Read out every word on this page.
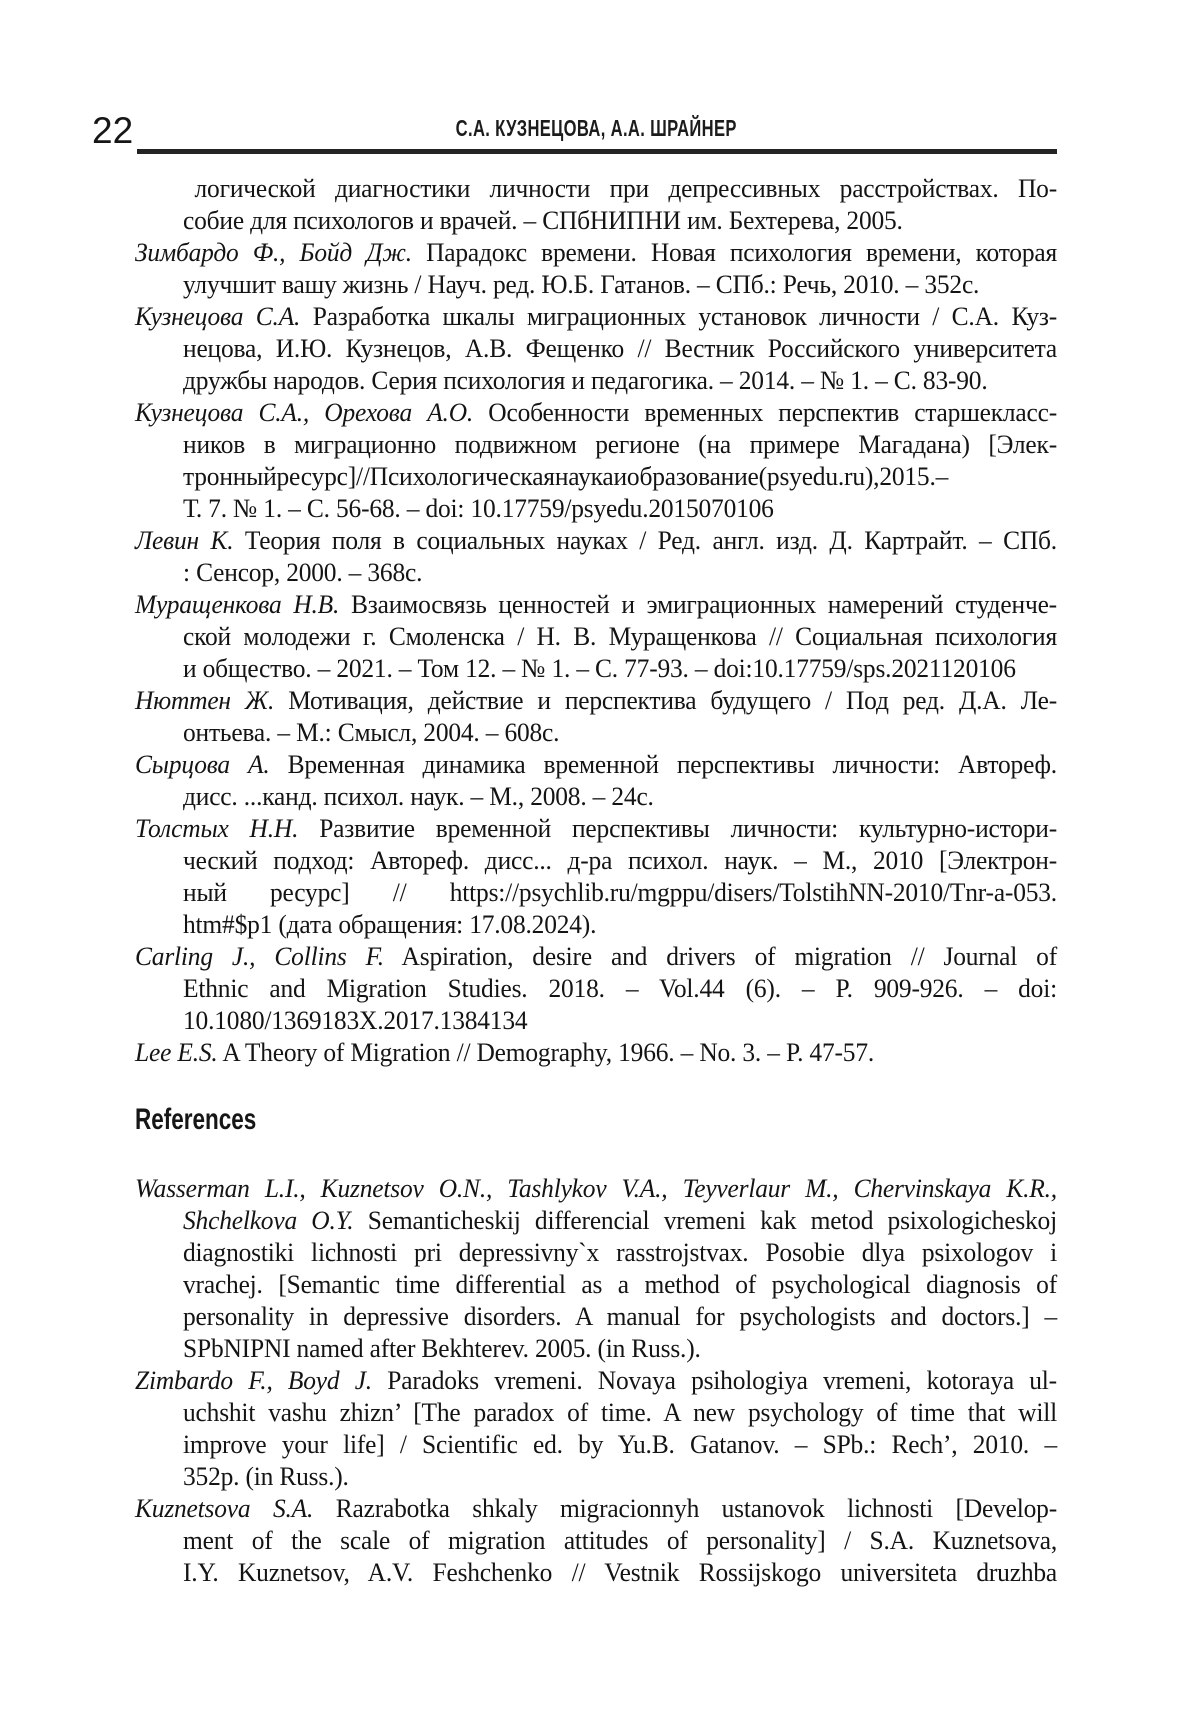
22	С.А. КУЗНЕЦОВА, А.А. ШРАЙНЕР
логической диагностики личности при депрессивных расстройствах. По-
собие для психологов и врачей. – СПбНИПНИ им. Бехтерева, 2005.
Зимбардо Ф., Бойд Дж. Парадокс времени. Новая психология времени, которая
улучшит вашу жизнь / Науч. ред. Ю.Б. Гатанов. – СПб.: Речь, 2010. – 352с.
Кузнецова С.А. Разработка шкалы миграционных установок личности / С.А. Куз-
нецова, И.Ю. Кузнецов, А.В. Фещенко // Вестник Российского университета
дружбы народов. Серия психология и педагогика. – 2014. – № 1. – С. 83-90.
Кузнецова С.А., Орехова А.О. Особенности временных перспектив старшекласс-
ников в миграционно подвижном регионе (на примере Магадана) [Элек-
тронныйресурс]//Психологическаянаукаиобразование(psyedu.ru),2015.–
Т. 7. № 1. – С. 56-68. – doi: 10.17759/psyedu.2015070106
Левин К. Теория поля в социальных науках / Ред. англ. изд. Д. Картрайт. – СПб.
: Сенсор, 2000. – 368с.
Муращенкова Н.В. Взаимосвязь ценностей и эмиграционных намерений студенче-
ской молодежи г. Смоленска / Н. В. Муращенкова // Социальная психология
и общество. – 2021. – Том 12. – № 1. – С. 77-93. – doi:10.17759/sps.2021120106
Нюттен Ж. Мотивация, действие и перспектива будущего / Под ред. Д.А. Ле-
онтьева. – М.: Смысл, 2004. – 608с.
Сырцова А. Временная динамика временной перспективы личности: Автореф.
дисс. ...канд. психол. наук. – М., 2008. – 24с.
Толстых Н.Н. Развитие временной перспективы личности: культурно-истори-
ческий подход: Автореф. дисс... д-ра психол. наук. – М., 2010 [Электрон-
ный ресурс] // https://psychlib.ru/mgppu/disers/TolstihNN-2010/Tnr-a-053.
htm#$p1 (дата обращения: 17.08.2024).
Carling J., Collins F. Aspiration, desire and drivers of migration // Journal of
Ethnic and Migration Studies. 2018. – Vol.44 (6). – P. 909-926. – doi:
10.1080/1369183X.2017.1384134
Lee E.S. A Theory of Migration // Demography, 1966. – No. 3. – P. 47-57.
References
Wasserman L.I., Kuznetsov O.N., Tashlykov V.A., Teyverlaur M., Chervinskaya K.R.,
Shchelkova O.Y. Semanticheskij differencial vremeni kak metod psixologicheskoj
diagnostiki lichnosti pri depressivny`x rasstrojstvax. Posobie dlya psixologov i
vrachej. [Semantic time differential as a method of psychological diagnosis of
personality in depressive disorders. A manual for psychologists and doctors.] –
SPbNIPNI named after Bekhterev. 2005. (in Russ.).
Zimbardo F., Boyd J. Paradoks vremeni. Novaya psihologiya vremeni, kotoraya ul-
uchshit vashu zhizn’ [The paradox of time. A new psychology of time that will
improve your life] / Scientific ed. by Yu.B. Gatanov. – SPb.: Rech’, 2010. –
352p. (in Russ.).
Kuznetsova S.A. Razrabotka shkaly migracionnyh ustanovok lichnosti [Develop-
ment of the scale of migration attitudes of personality] / S.A. Kuznetsova,
I.Y. Kuznetsov, A.V. Feshchenko // Vestnik Rossijskogo universiteta druzhba
